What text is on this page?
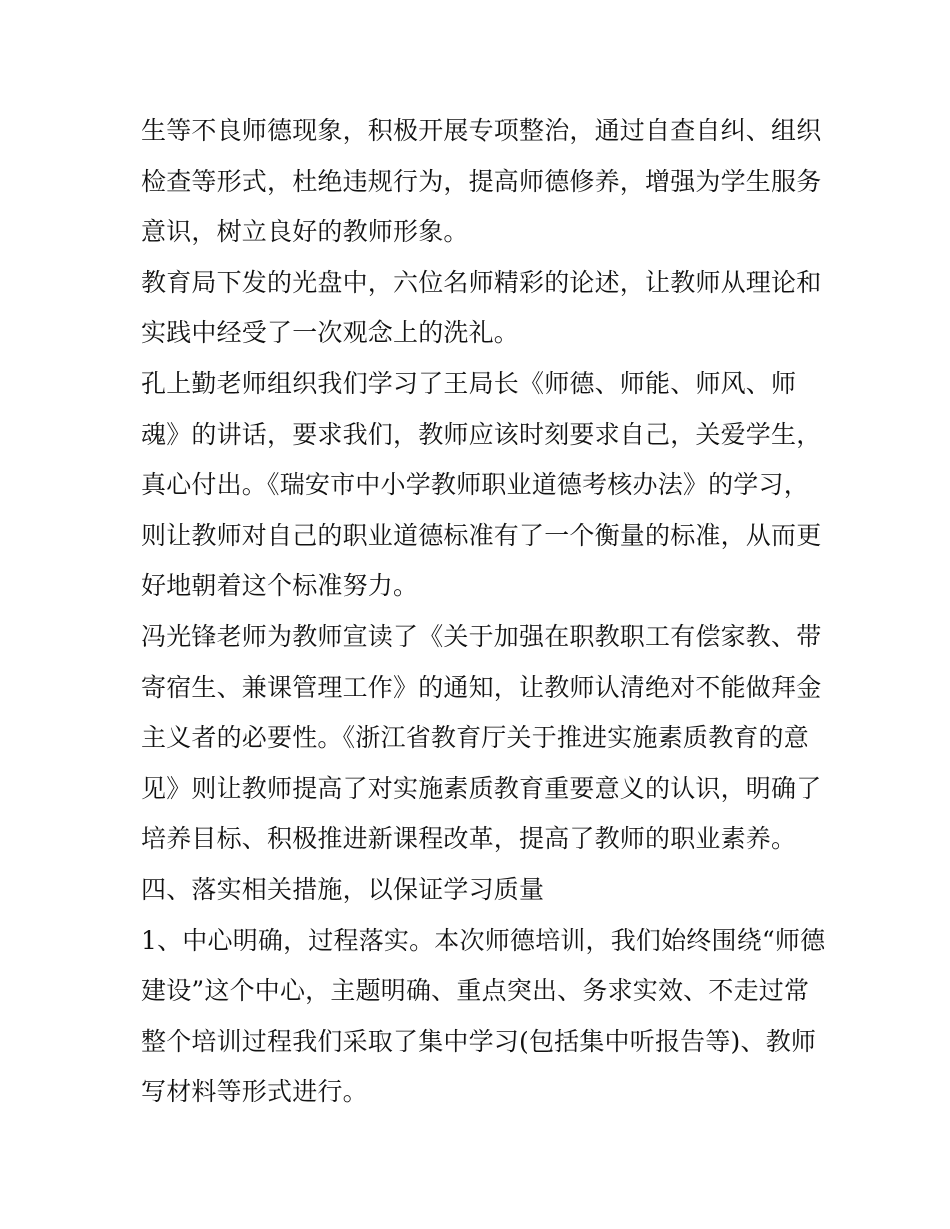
生等不良师德现象，积极开展专项整治，通过自查自纠、组织
检查等形式，杜绝违规行为，提高师德修养，增强为学生服务
意识，树立良好的教师形象。
教育局下发的光盘中，六位名师精彩的论述，让教师从理论和
实践中经受了一次观念上的洗礼。
孔上勤老师组织我们学习了王局长《师德、师能、师风、师
魂》的讲话，要求我们，教师应该时刻要求自己，关爱学生，
真心付出。《瑞安市中小学教师职业道德考核办法》的学习，
则让教师对自己的职业道德标准有了一个衡量的标准，从而更
好地朝着这个标准努力。
冯光锋老师为教师宣读了《关于加强在职教职工有偿家教、带
寄宿生、兼课管理工作》的通知，让教师认清绝对不能做拜金
主义者的必要性。《浙江省教育厅关于推进实施素质教育的意
见》则让教师提高了对实施素质教育重要意义的认识，明确了
培养目标、积极推进新课程改革，提高了教师的职业素养。
四、落实相关措施，以保证学习质量
1、中心明确，过程落实。本次师德培训，我们始终围绕“师德
建设”这个中心，主题明确、重点突出、务求实效、不走过常
整个培训过程我们采取了集中学习(包括集中听报告等)、教师
写材料等形式进行。
